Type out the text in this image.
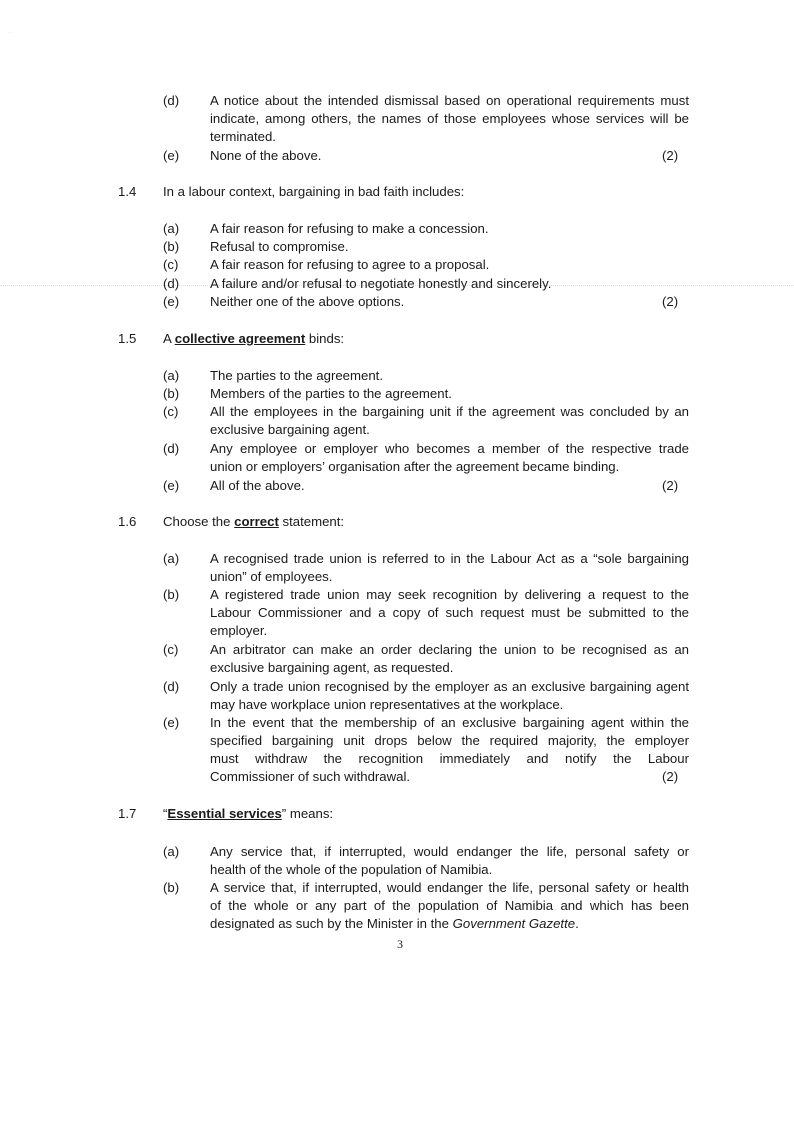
· ·
(d) A notice about the intended dismissal based on operational requirements must
indicate, among others, the names of those employees whose services will be
terminated.
(e) None of the above.	(2)
1.4 In a labour context, bargaining in bad faith includes:
(a) A fair reason for refusing to make a concession.
(b) Refusal to compromise.
(c) A fair reason for refusing to agree to a proposal.
(d) A failure and/or refusal to negotiate honestly and sincerely.
(e) Neither one of the above options.	(2)
1.5 A collective agreement binds:
(a) The parties to the agreement.
(b) Members of the parties to the agreement.
(c) All the employees in the bargaining unit if the agreement was concluded by an
exclusive bargaining agent.
(d) Any employee or employer who becomes a member of the respective trade
union or employers’ organisation after the agreement became binding.
(e) All of the above.	(2)
1.6 Choose the correct statement:
(a) A recognised trade union is referred to in the Labour Act as a “sole bargaining
union” of employees.
(b) A registered trade union may seek recognition by delivering a request to the
Labour Commissioner and a copy of such request must be submitted to the
employer.
(c) An arbitrator can make an order declaring the union to be recognised as an
exclusive bargaining agent, as requested.
(d) Only a trade union recognised by the employer as an exclusive bargaining agent
may have workplace union representatives at the workplace.
(e) In the event that the membership of an exclusive bargaining agent within the
specified bargaining unit drops below the required majority, the employer
must withdraw the recognition immediately and notify the Labour
Commissioner of such withdrawal.	(2)
1.7 “Essential services” means:
(a) Any service that, if interrupted, would endanger the life, personal safety or
health of the whole of the population of Namibia.
(b) A service that, if interrupted, would endanger the life, personal safety or health
of the whole or any part of the population of Namibia and which has been
designated as such by the Minister in the Government Gazette.
3
